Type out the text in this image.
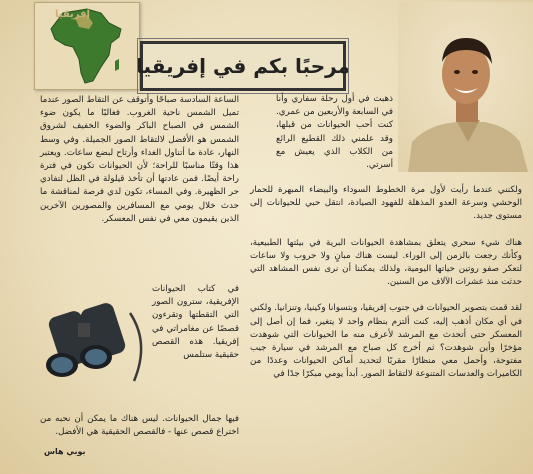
إفريقيا
مرحبًا بكم في إفريقيا

ذهبت في أول رحلة سفاري وأنا في السابعة والأربعين من عمري. كنت أحب الحيوانات من قبلها، وقد علمني ذلك القطيع الرائع من الكلاب الذي يعيش مع أسرتي.

ولكنني عندما رأيت لأول مرة الخطوط السوداء والبيضاء المبهرة للحمار الوحشي وسرعة العدو المذهلة للفهود الصيادة، انتقل حبي للحيوانات إلى مستوى جديد.

هناك شيء سحري يتعلق بمشاهدة الحيوانات البرية في بيئتها الطبيعية، وكأنك رجعت بالزمن إلى الوراء. ليست هناك مبانٍ ولا حروب ولا ساعات لتعكر صفو روتين حياتها اليومية، ولذلك يمكننا أن نرى نفس المشاهد التي حدثت منذ عشرات الآلاف من السنين.

لقد قمت بتصوير الحيوانات في جنوب إفريقيا، وبتسوانا وكينيا، وتنزانيا. ولكني في أي مكان أذهب إليه، كنت ألتزم بنظام واحد لا يتغير، فما إن أصل إلى المعسكر حتى أتحدث مع المرشد لأعرف منه ما الحيوانات التي شوهدت مؤخرًا وأين شوهدت؟ ثم أخرج كل صباح مع المرشد في سيارة جيب مفتوحة، وأحمل معي منظارًا مقربًا لتحديد أماكن الحيوانات وعددًا من الكاميرات والعدسات المتنوعة لالتقاط الصور. أبدأ يومي مبكرًا جدًا في

الساعة السادسة صباحًا وأتوقف عن التقاط الصور عندما تميل الشمس ناحية الغروب. فغالبًا ما يكون ضوء الشمس في الصباح الباكر والضوء الخفيف لشروق الشمس هو الأفضل لالتقاط الصور الجميلة. وفي وسط النهار، عادة ما أتناول الغداء وأرتاح لبضع ساعات. ويعتبر هذا وقتًا مناسبًا للراحة؛ لأن الحيوانات تكون في فترة راحة أيضًا. فمن عادتها أن تأخذ قيلولة في الظل لتفادي حر الظهيرة. وفي المساء، تكون لدي فرصة لمناقشة ما حدث خلال يومي مع المسافرين والمصورين الآخرين الذين يقيمون معي في نفس المعسكر.

في كتاب الحيوانات الإفريقية، سترون الصور التي التقطتها وتقرءون قصصًا عن مغامراتي في إفريقيا. هذه القصص حقيقية ستلمس

فيها جمال الحيوانات. ليس هناك ما يمكن أن نحبه من اختراع قصص عنها - فالقصص الحقيقية هي الأفضل.

بوبي هاس
